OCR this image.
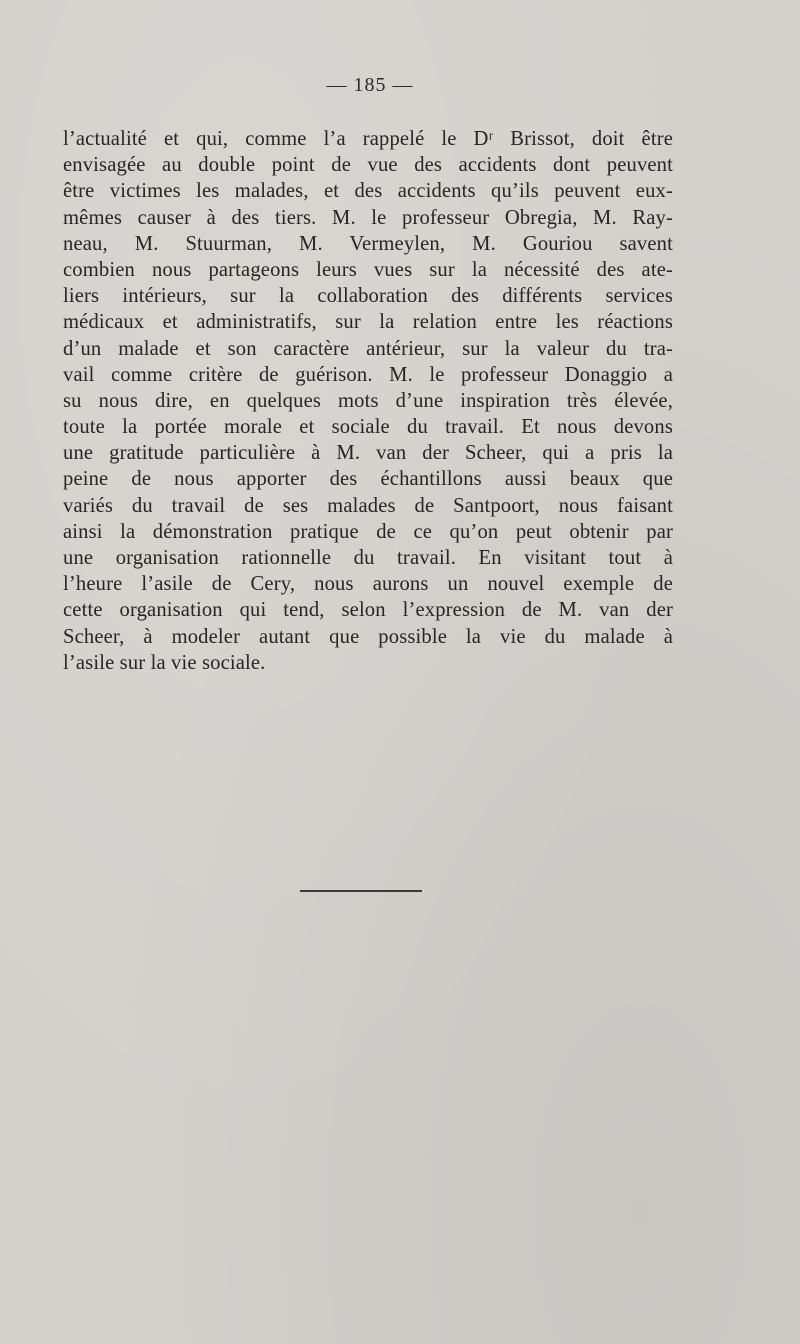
— 185 —
l’actualité et qui, comme l’a rappelé le Dʳ Brissot, doit être
envisagée au double point de vue des accidents dont peuvent
être victimes les malades, et des accidents qu’ils peuvent eux-
mêmes causer à des tiers. M. le professeur Obregia, M. Ray-
neau, M. Stuurman, M. Vermeylen, M. Gouriou savent
combien nous partageons leurs vues sur la nécessité des ate-
liers intérieurs, sur la collaboration des différents services
médicaux et administratifs, sur la relation entre les réactions
d’un malade et son caractère antérieur, sur la valeur du tra-
vail comme critère de guérison. M. le professeur Donaggio a
su nous dire, en quelques mots d’une inspiration très élevée,
toute la portée morale et sociale du travail. Et nous devons
une gratitude particulière à M. van der Scheer, qui a pris la
peine de nous apporter des échantillons aussi beaux que
variés du travail de ses malades de Santpoort, nous faisant
ainsi la démonstration pratique de ce qu’on peut obtenir par
une organisation rationnelle du travail. En visitant tout à
l’heure l’asile de Cery, nous aurons un nouvel exemple de
cette organisation qui tend, selon l’expression de M. van der
Scheer, à modeler autant que possible la vie du malade à
l’asile sur la vie sociale.
